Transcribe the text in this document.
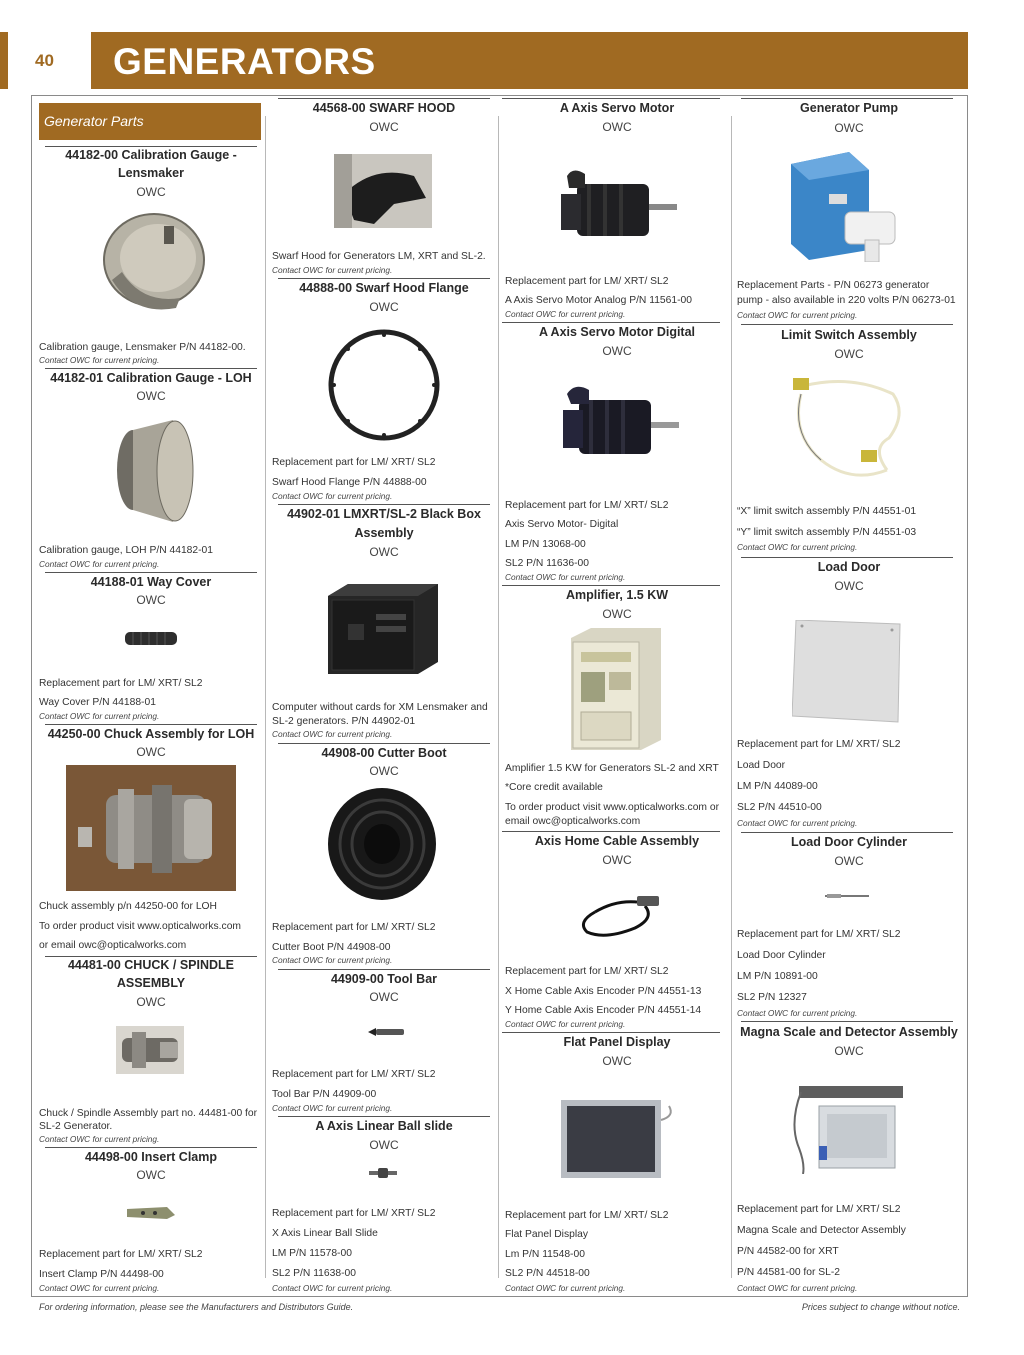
40	GENERATORS
Generator Parts
44182-00 Calibration Gauge -
Lensmaker
OWC
Calibration gauge, Lensmaker P/N 44182-00.
Contact OWC for current pricing.
44182-01 Calibration Gauge - LOH
OWC
Calibration gauge, LOH P/N 44182-01
Contact OWC for current pricing.
44188-01 Way Cover
OWC
Replacement part for LM/ XRT/ SL2
Way Cover P/N 44188-01
Contact OWC for current pricing.
44250-00 Chuck Assembly for LOH
OWC
Chuck assembly p/n 44250-00 for LOH
To order product visit www.opticalworks.com
or email owc@opticalworks.com
44481-00 CHUCK / SPINDLE
ASSEMBLY
OWC
Chuck / Spindle Assembly part no. 44481-00 for
SL-2 Generator.
Contact OWC for current pricing.
44498-00 Insert Clamp
OWC
Replacement part for LM/ XRT/ SL2
Insert Clamp P/N 44498-00
Contact OWC for current pricing.
44568-00 SWARF HOOD
OWC
Swarf Hood for Generators LM, XRT and SL-2.
Contact OWC for current pricing.
44888-00 Swarf Hood Flange
OWC
Replacement part for LM/ XRT/ SL2
Swarf Hood Flange P/N 44888-00
Contact OWC for current pricing.
44902-01 LMXRT/SL-2 Black Box
Assembly
OWC
Computer without cards for XM Lensmaker and
SL-2 generators. P/N 44902-01
Contact OWC for current pricing.
44908-00 Cutter Boot
OWC
Replacement part for LM/ XRT/ SL2
Cutter Boot P/N 44908-00
Contact OWC for current pricing.
44909-00 Tool Bar
OWC
Replacement part for LM/ XRT/ SL2
Tool Bar P/N 44909-00
Contact OWC for current pricing.
A Axis Linear Ball slide
OWC
Replacement part for LM/ XRT/ SL2
X Axis Linear Ball Slide
LM P/N 11578-00
SL2 P/N 11638-00
Contact OWC for current pricing.
A Axis Servo Motor
OWC
Replacement part for LM/ XRT/ SL2
A Axis Servo Motor Analog P/N 11561-00
Contact OWC for current pricing.
A Axis Servo Motor Digital
OWC
Replacement part for LM/ XRT/ SL2
Axis Servo Motor- Digital
LM P/N 13068-00
SL2 P/N 11636-00
Contact OWC for current pricing.
Amplifier, 1.5 KW
OWC
Amplifier 1.5 KW for Generators SL-2 and XRT
*Core credit available
To order product visit www.opticalworks.com or
email owc@opticalworks.com
Axis Home Cable Assembly
OWC
Replacement part for LM/ XRT/ SL2
X Home Cable Axis Encoder P/N 44551-13
Y Home Cable Axis Encoder P/N 44551-14
Contact OWC for current pricing.
Flat Panel Display
OWC
Replacement part for LM/ XRT/ SL2
Flat Panel Display
Lm P/N 11548-00
SL2 P/N 44518-00
Contact OWC for current pricing.
Generator Pump
OWC
Replacement Parts - P/N 06273 generator
pump - also available in 220 volts P/N 06273-01
Contact OWC for current pricing.
Limit Switch Assembly
OWC
“X” limit switch assembly P/N 44551-01
“Y” limit switch assembly P/N 44551-03
Contact OWC for current pricing.
Load Door
OWC
Replacement part for LM/ XRT/ SL2
Load Door
LM P/N 44089-00
SL2 P/N 44510-00
Contact OWC for current pricing.
Load Door Cylinder
OWC
Replacement part for LM/ XRT/ SL2
Load Door Cylinder
LM P/N 10891-00
SL2 P/N 12327
Contact OWC for current pricing.
Magna Scale and Detector Assembly
OWC
Replacement part for LM/ XRT/ SL2
Magna Scale and Detector Assembly
P/N 44582-00 for XRT
P/N 44581-00 for SL-2
Contact OWC for current pricing.
For ordering information, please see the Manufacturers and Distributors Guide.	Prices subject to change without notice.
